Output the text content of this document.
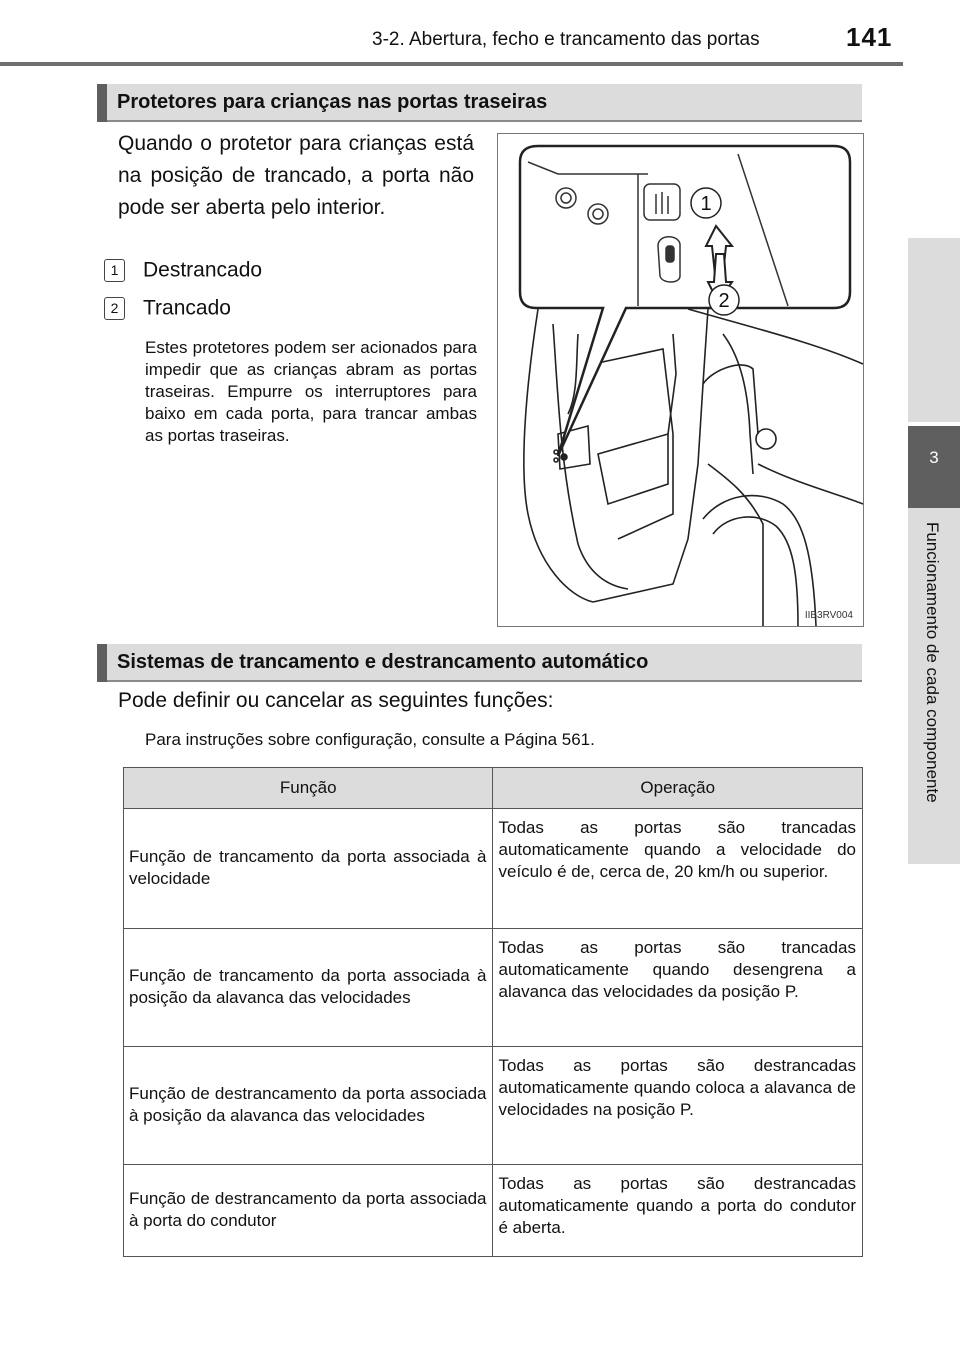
3-2. Abertura, fecho e trancamento das portas	141
3
Funcionamento de cada componente
Protetores para crianças nas portas traseiras
Quando o protetor para crianças está na posição de trancado, a porta não pode ser aberta pelo interior.
1 Destrancado
2 Trancado
Estes protetores podem ser acionados para impedir que as crianças abram as portas traseiras. Empurre os interruptores para baixo em cada porta, para trancar ambas as portas traseiras.
1
2
IIB3RV004
Sistemas de trancamento e destrancamento automático
Pode definir ou cancelar as seguintes funções:
Para instruções sobre configuração, consulte a Página 561.
Função	Operação
Função de trancamento da porta associada à velocidade	Todas as portas são trancadas automaticamente quando a velocidade do veículo é de, cerca de, 20 km/h ou superior.
Função de trancamento da porta associada à posição da alavanca das velocidades	Todas as portas são trancadas automaticamente quando desengrena a alavanca das velocidades da posição P.
Função de destrancamento da porta associada à posição da alavanca das velocidades	Todas as portas são destrancadas automaticamente quando coloca a alavanca de velocidades na posição P.
Função de destrancamento da porta associada à porta do condutor	Todas as portas são destrancadas automaticamente quando a porta do condutor é aberta.
